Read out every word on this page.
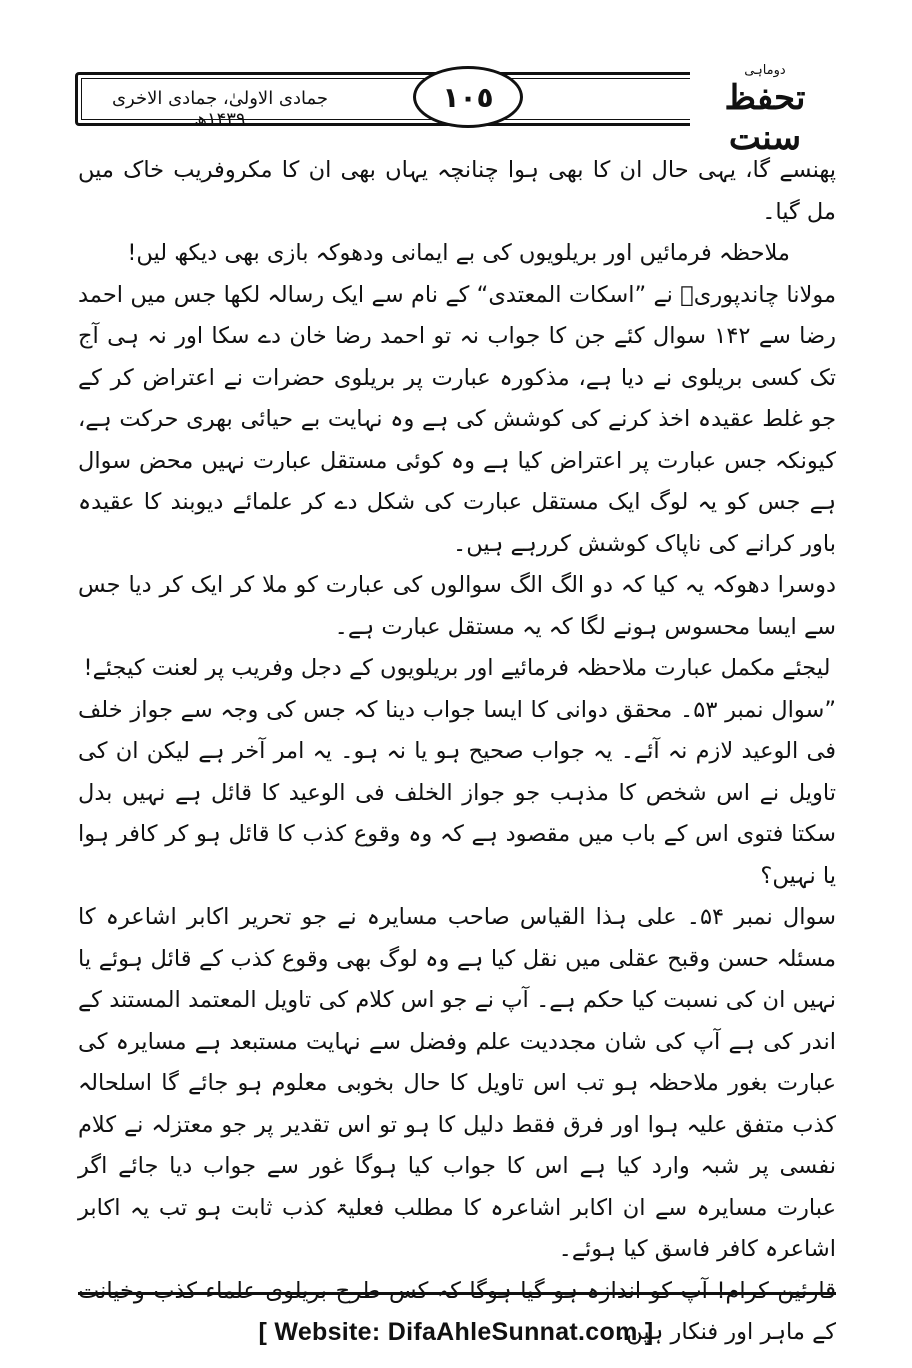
جمادی الاولیٰ، جمادی الاخری ۱۴۳۹ھ
١٠٥
دوماہی
تحفظ سنت

پھنسے گا، یہی حال ان کا بھی ہوا چنانچہ یہاں بھی ان کا مکروفریب خاک میں مل گیا۔

ملاحظہ فرمائیں اور بریلویوں کی بے ایمانی ودھوکہ بازی بھی دیکھ لیں!

مولانا چاندپوریؒ نے ”اسکات المعتدی“ کے نام سے ایک رسالہ لکھا جس میں احمد رضا سے ۱۴۲ سوال کئے جن کا جواب نہ تو احمد رضا خان دے سکا اور نہ ہی آج تک کسی بریلوی نے دیا ہے، مذکورہ عبارت پر بریلوی حضرات نے اعتراض کر کے جو غلط عقیدہ اخذ کرنے کی کوشش کی ہے وہ نہایت بے حیائی بھری حرکت ہے، کیونکہ جس عبارت پر اعتراض کیا ہے وہ کوئی مستقل عبارت نہیں محض سوال ہے جس کو یہ لوگ ایک مستقل عبارت کی شکل دے کر علمائے دیوبند کا عقیدہ باور کرانے کی ناپاک کوشش کررہے ہیں۔

دوسرا دھوکہ یہ کیا کہ دو الگ الگ سوالوں کی عبارت کو ملا کر ایک کر دیا جس سے ایسا محسوس ہونے لگا کہ یہ مستقل عبارت ہے۔

لیجئے مکمل عبارت ملاحظہ فرمائیے اور بریلویوں کے دجل وفریب پر لعنت کیجئے!

”سوال نمبر ۵۳۔ محقق دوانی کا ایسا جواب دینا کہ جس کی وجہ سے جواز خلف فی الوعید لازم نہ آئے۔ یہ جواب صحیح ہو یا نہ ہو۔ یہ امر آخر ہے لیکن ان کی تاویل نے اس شخص کا مذہب جو جواز الخلف فی الوعید کا قائل ہے نہیں بدل سکتا فتوی اس کے باب میں مقصود ہے کہ وہ وقوع کذب کا قائل ہو کر کافر ہوا یا نہیں؟

سوال نمبر ۵۴۔ علی ہذا القیاس صاحب مسایرہ نے جو تحریر اکابر اشاعرہ کا مسئلہ حسن وقبح عقلی میں نقل کیا ہے وہ لوگ بھی وقوع کذب کے قائل ہوئے یا نہیں ان کی نسبت کیا حکم ہے۔ آپ نے جو اس کلام کی تاویل المعتمد المستند کے اندر کی ہے آپ کی شان مجددیت علم وفضل سے نہایت مستبعد ہے مسایرہ کی عبارت بغور ملاحظہ ہو تب اس تاویل کا حال بخوبی معلوم ہو جائے گا اسلحالہ کذب متفق علیہ ہوا اور فرق فقط دلیل کا ہو تو اس تقدیر پر جو معتزلہ نے کلام نفسی پر شبہ وارد کیا ہے اس کا جواب کیا ہوگا غور سے جواب دیا جائے اگر عبارت مسایرہ سے ان اکابر اشاعرہ کا مطلب فعلیۃ کذب ثابت ہو تب یہ اکابر اشاعرہ کافر فاسق کیا ہوئے۔

قارئین کرام! آپ کو اندازہ ہو گیا ہوگا کہ کس طرح بریلوی علماء کذب وخیانت کے ماہر اور فنکار ہیں۔

[ Website: DifaAhleSunnat.com ]
